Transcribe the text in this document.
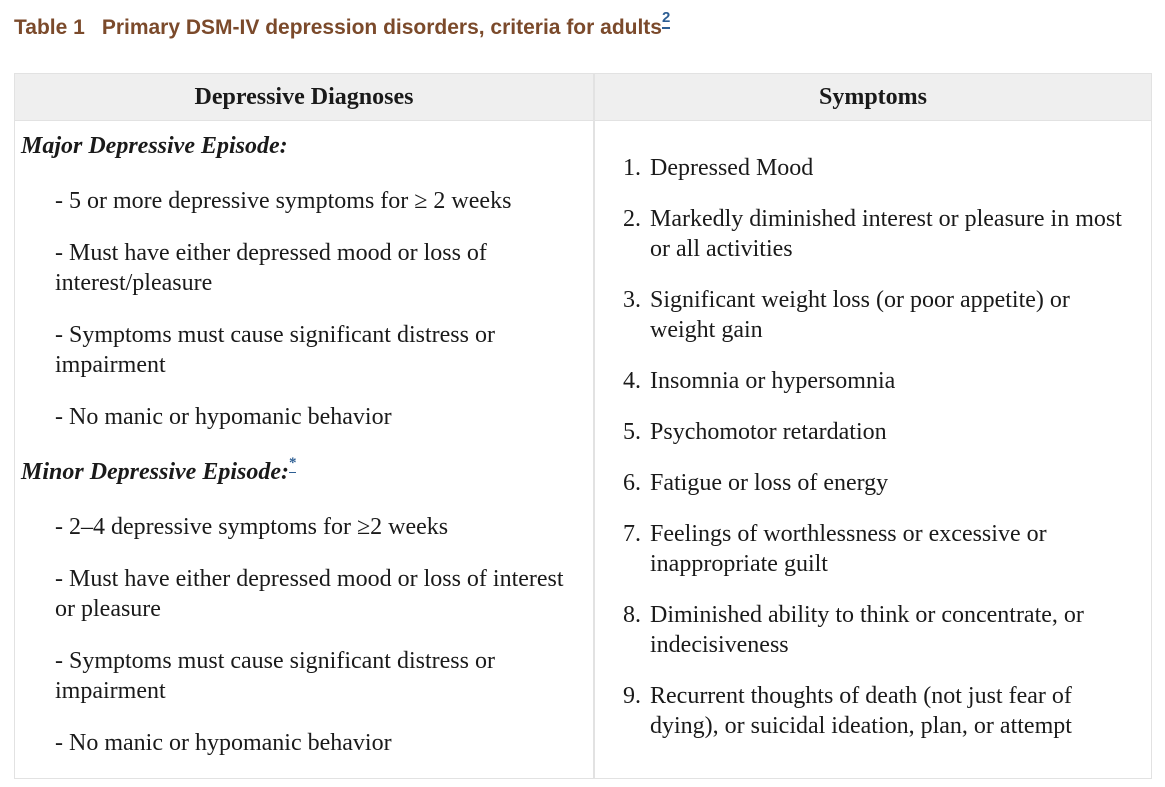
Table 1 Primary DSM-IV depression disorders, criteria for adults2
Depressive Diagnoses	Symptoms
Major Depressive Episode:
- 5 or more depressive symptoms for ≥ 2 weeks
- Must have either depressed mood or loss of
interest/pleasure
- Symptoms must cause significant distress or
impairment
- No manic or hypomanic behavior
Minor Depressive Episode:*
- 2–4 depressive symptoms for ≥2 weeks
- Must have either depressed mood or loss of interest
or pleasure
- Symptoms must cause significant distress or
impairment
- No manic or hypomanic behavior
1. Depressed Mood
2. Markedly diminished interest or pleasure in most
or all activities
3. Significant weight loss (or poor appetite) or
weight gain
4. Insomnia or hypersomnia
5. Psychomotor retardation
6. Fatigue or loss of energy
7. Feelings of worthlessness or excessive or
inappropriate guilt
8. Diminished ability to think or concentrate, or
indecisiveness
9. Recurrent thoughts of death (not just fear of
dying), or suicidal ideation, plan, or attempt
